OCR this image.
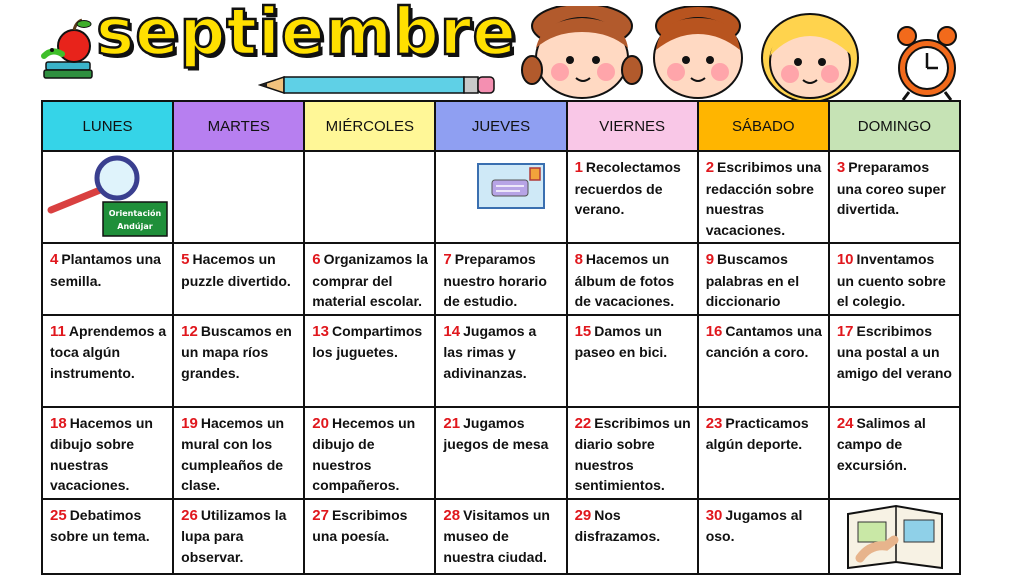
septiembre
LUNES	MARTES	MIÉRCOLES	JUEVES	VIERNES	SÁBADO	DOMINGO

Orientación
Andújar				1 Recolectamos recuerdos de verano.	2 Escribimos una redacción sobre nuestras vacaciones.	3 Preparamos una coreo super divertida.
4 Plantamos una semilla.	5 Hacemos un puzzle divertido.	6 Organizamos la comprar del material escolar.	7 Preparamos nuestro horario de estudio.	8 Hacemos un álbum de fotos de vacaciones.	9 Buscamos palabras en el diccionario	10 Inventamos un cuento sobre el colegio.
11 Aprendemos a toca algún instrumento.	12 Buscamos en un mapa ríos grandes.	13 Compartimos los juguetes.	14 Jugamos a las rimas y adivinanzas.	15 Damos un paseo en bici.	16 Cantamos una canción a coro.	17 Escribimos una postal a un amigo del verano
18 Hacemos un dibujo sobre nuestras vacaciones.	19 Hacemos un mural con los cumpleaños de clase.	20 Hecemos un dibujo de nuestros compañeros.	21 Jugamos juegos de mesa	22 Escribimos un diario sobre nuestros sentimientos.	23 Practicamos algún deporte.	24 Salimos al campo de excursión.
25 Debatimos sobre un tema.	26 Utilizamos la lupa para observar.	27 Escribimos una poesía.	28 Visitamos un museo de nuestra ciudad.	29 Nos disfrazamos.	30 Jugamos al oso.	
